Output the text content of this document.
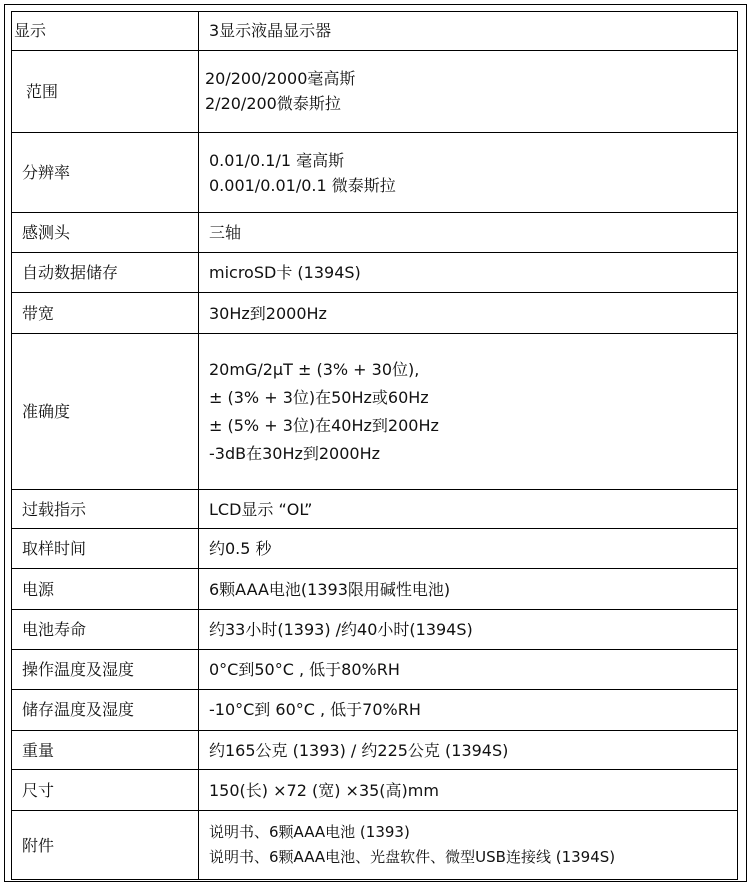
显示	3显示液晶显示器

范围	20/200/2000毫高斯
2/20/200微泰斯拉

分辨率	0.01/0.1/1 毫高斯
0.001/0.01/0.1 微泰斯拉

感测头	三轴

自动数据储存	microSD卡 (1394S)

带宽	30Hz到2000Hz

准确度	20mG/2μT ± (3% + 30位),
± (3% + 3位)在50Hz或60Hz
± (5% + 3位)在40Hz到200Hz
-3dB在30Hz到2000Hz

过载指示	LCD显示 “OL”

取样时间	约0.5 秒

电源	6颗AAA电池(1393限用碱性电池)

电池寿命	约33小时(1393) /约40小时(1394S)

操作温度及湿度	0°C到50°C , 低于80%RH

储存温度及湿度	-10°C到 60°C , 低于70%RH

重量	约165公克 (1393) / 约225公克 (1394S)

尺寸	150(长) ×72 (宽) ×35(高)mm

附件	说明书、6颗AAA电池 (1393)
说明书、6颗AAA电池、光盘软件、微型USB连接线 (1394S)
